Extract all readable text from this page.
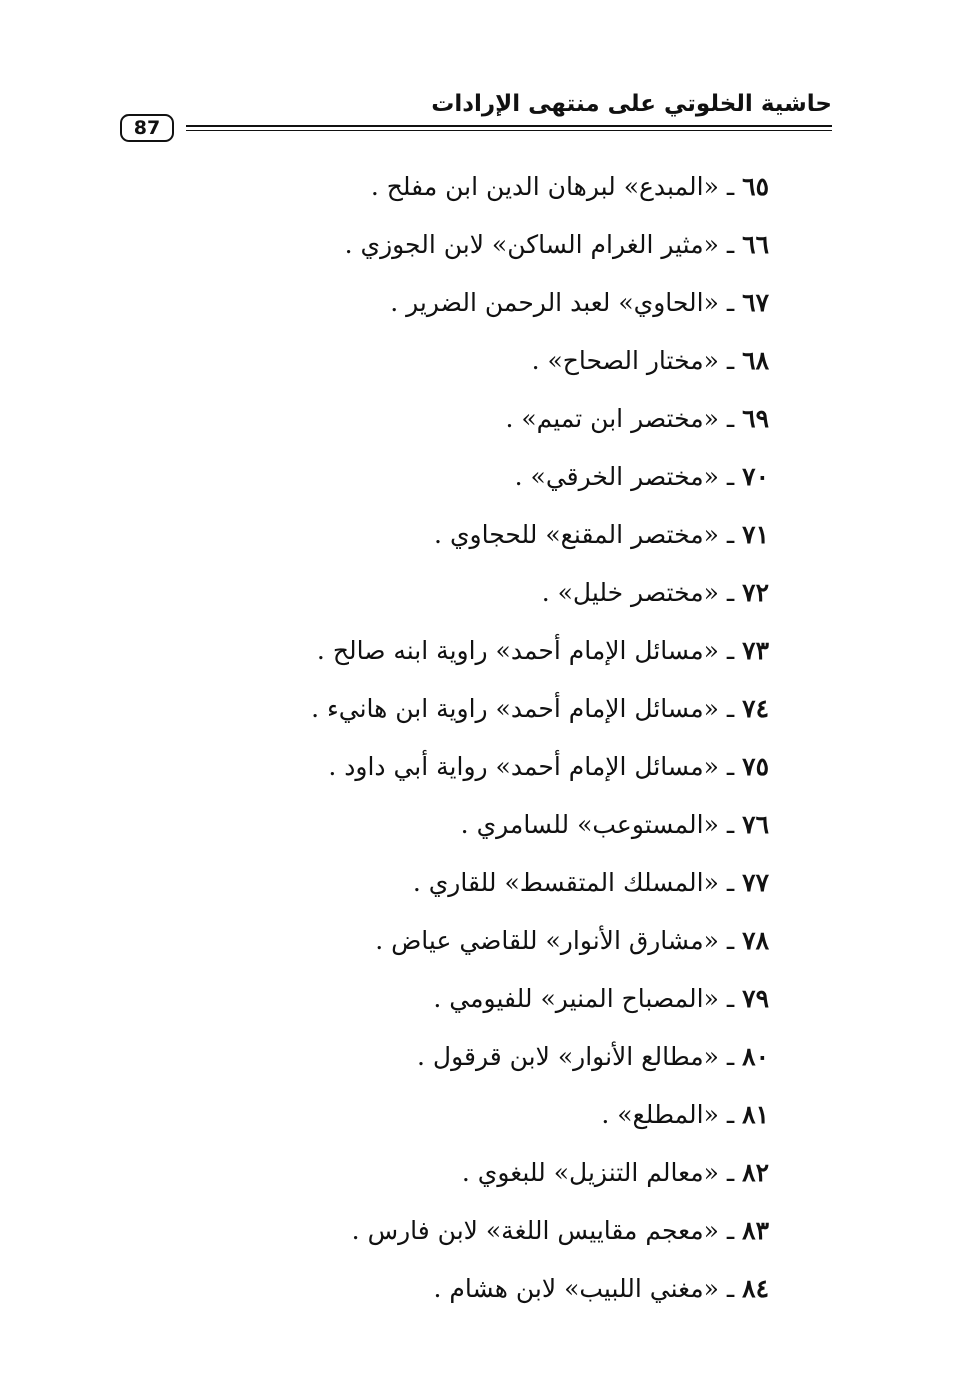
87
حاشية الخلوتي على منتهى الإرادات
٦٥ ـ «المبدع» لبرهان الدين ابن مفلح .
٦٦ ـ «مثير الغرام الساكن» لابن الجوزي .
٦٧ ـ «الحاوي» لعبد الرحمن الضرير .
٦٨ ـ «مختار الصحاح» .
٦٩ ـ «مختصر ابن تميم» .
٧٠ ـ «مختصر الخرقي» .
٧١ ـ «مختصر المقنع» للحجاوي .
٧٢ ـ «مختصر خليل» .
٧٣ ـ «مسائل الإمام أحمد» راوية ابنه صالح .
٧٤ ـ «مسائل الإمام أحمد» راوية ابن هانيء .
٧٥ ـ «مسائل الإمام أحمد» رواية أبي داود .
٧٦ ـ «المستوعب» للسامري .
٧٧ ـ «المسلك المتقسط» للقاري .
٧٨ ـ «مشارق الأنوار» للقاضي عياض .
٧٩ ـ «المصباح المنير» للفيومي .
٨٠ ـ «مطالع الأنوار» لابن قرقول .
٨١ ـ «المطلع» .
٨٢ ـ «معالم التنزيل» للبغوي .
٨٣ ـ «معجم مقاييس اللغة» لابن فارس .
٨٤ ـ «مغني اللبيب» لابن هشام .
